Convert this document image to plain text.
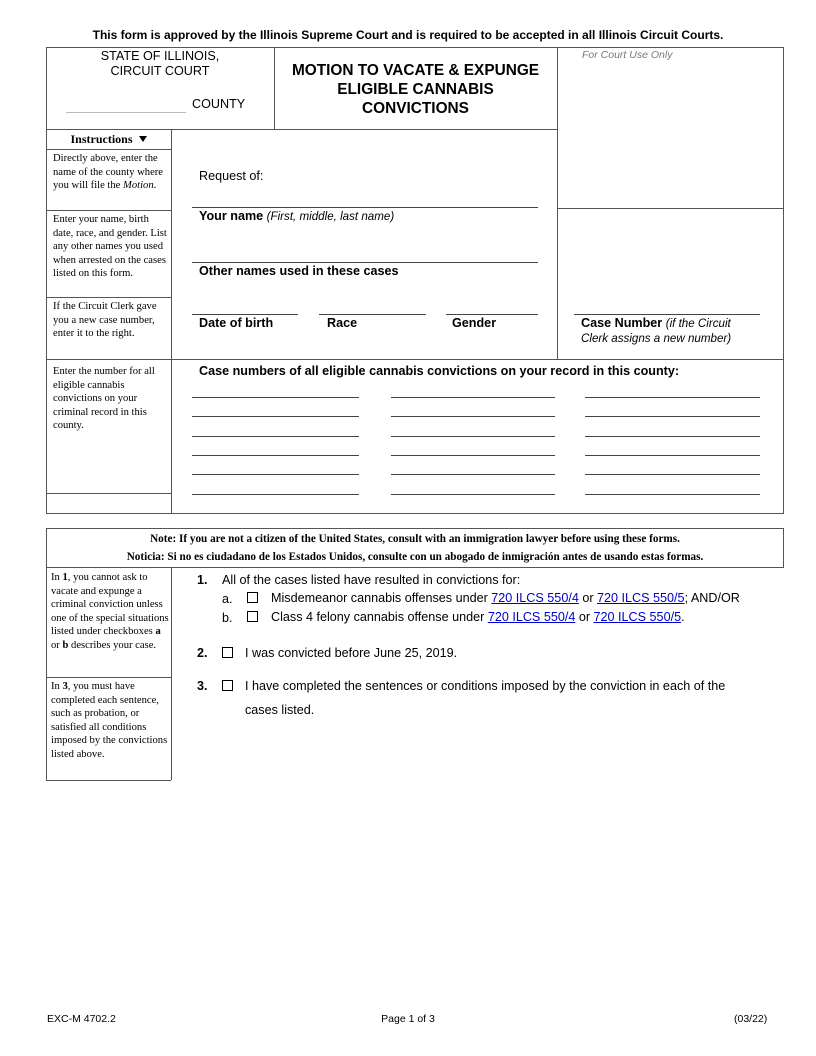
This form is approved by the Illinois Supreme Court and is required to be accepted in all Illinois Circuit Courts.
STATE OF ILLINOIS,
CIRCUIT COURT
COUNTY
MOTION TO VACATE & EXPUNGE
ELIGIBLE CANNABIS
CONVICTIONS
For Court Use Only
Instructions
Directly above, enter the name of the county where you will file the Motion.
Enter your name, birth date, race, and gender. List any other names you used when arrested on the cases listed on this form.
If the Circuit Clerk gave you a new case number, enter it to the right.
Enter the number for all eligible cannabis convictions on your criminal record in this county.
Request of:
Your name (First, middle, last name)
Other names used in these cases
Date of birth	Race	Gender	Case Number (if the Circuit
Clerk assigns a new number)
Case numbers of all eligible cannabis convictions on your record in this county:
Note: If you are not a citizen of the United States, consult with an immigration lawyer before using these forms.
Noticia: Si no es ciudadano de los Estados Unidos, consulte con un abogado de inmigración antes de usando estas formas.
In 1, you cannot ask to vacate and expunge a criminal conviction unless one of the special situations listed under checkboxes a or b describes your case.
In 3, you must have completed each sentence, such as probation, or satisfied all conditions imposed by the convictions listed above.
1. All of the cases listed have resulted in convictions for:
a.	Misdemeanor cannabis offenses under 720 ILCS 550/4 or 720 ILCS 550/5; AND/OR
b.	Class 4 felony cannabis offense under 720 ILCS 550/4 or 720 ILCS 550/5.
2.	I was convicted before June 25, 2019.
3.	I have completed the sentences or conditions imposed by the conviction in each of the
cases listed.
EXC-M 4702.2	Page 1 of 3	(03/22)
